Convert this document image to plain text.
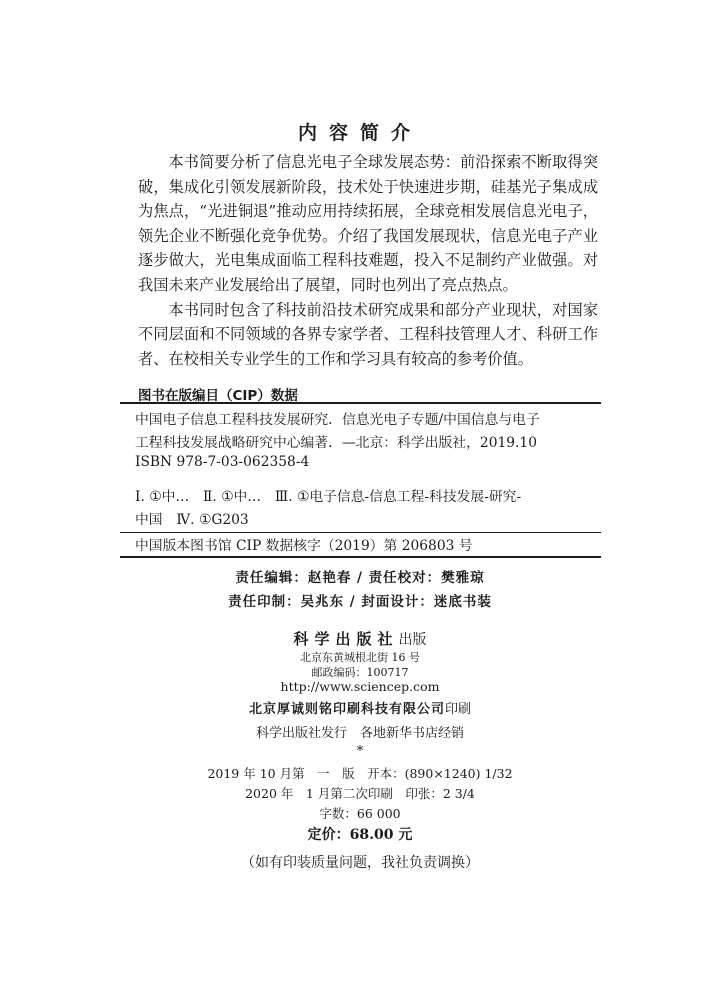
内容简介

本书简要分析了信息光电子全球发展态势：前沿探索不断取得突破，集成化引领发展新阶段，技术处于快速进步期，硅基光子集成成为焦点，“光进铜退”推动应用持续拓展，全球竞相发展信息光电子，领先企业不断强化竞争优势。介绍了我国发展现状，信息光电子产业逐步做大，光电集成面临工程科技难题，投入不足制约产业做强。对我国未来产业发展给出了展望，同时也列出了亮点热点。

本书同时包含了科技前沿技术研究成果和部分产业现状，对国家不同层面和不同领域的各界专家学者、工程科技管理人才、科研工作者、在校相关专业学生的工作和学习具有较高的参考价值。

图书在版编目（CIP）数据
中国电子信息工程科技发展研究．信息光电子专题/中国信息与电子
工程科技发展战略研究中心编著．—北京：科学出版社，2019.10
ISBN 978-7-03-062358-4
Ⅰ. ①中…　Ⅱ. ①中…　Ⅲ. ①电子信息-信息工程-科技发展-研究-
中国　Ⅳ. ①G203
中国版本图书馆 CIP 数据核字（2019）第 206803 号
责任编辑：赵艳春 / 责任校对：樊雅琼
责任印制：吴兆东 / 封面设计：迷底书装
科学出版社出版
北京东黄城根北街 16 号
邮政编码：100717
http://www.sciencep.com
北京厚诚则铭印刷科技有限公司印刷
科学出版社发行　各地新华书店经销
*
2019 年 10 月第　一　版　开本：(890×1240) 1/32
2020 年　1 月第二次印刷　印张：2 3/4
字数：66 000
定价：68.00 元
（如有印装质量问题，我社负责调换）
